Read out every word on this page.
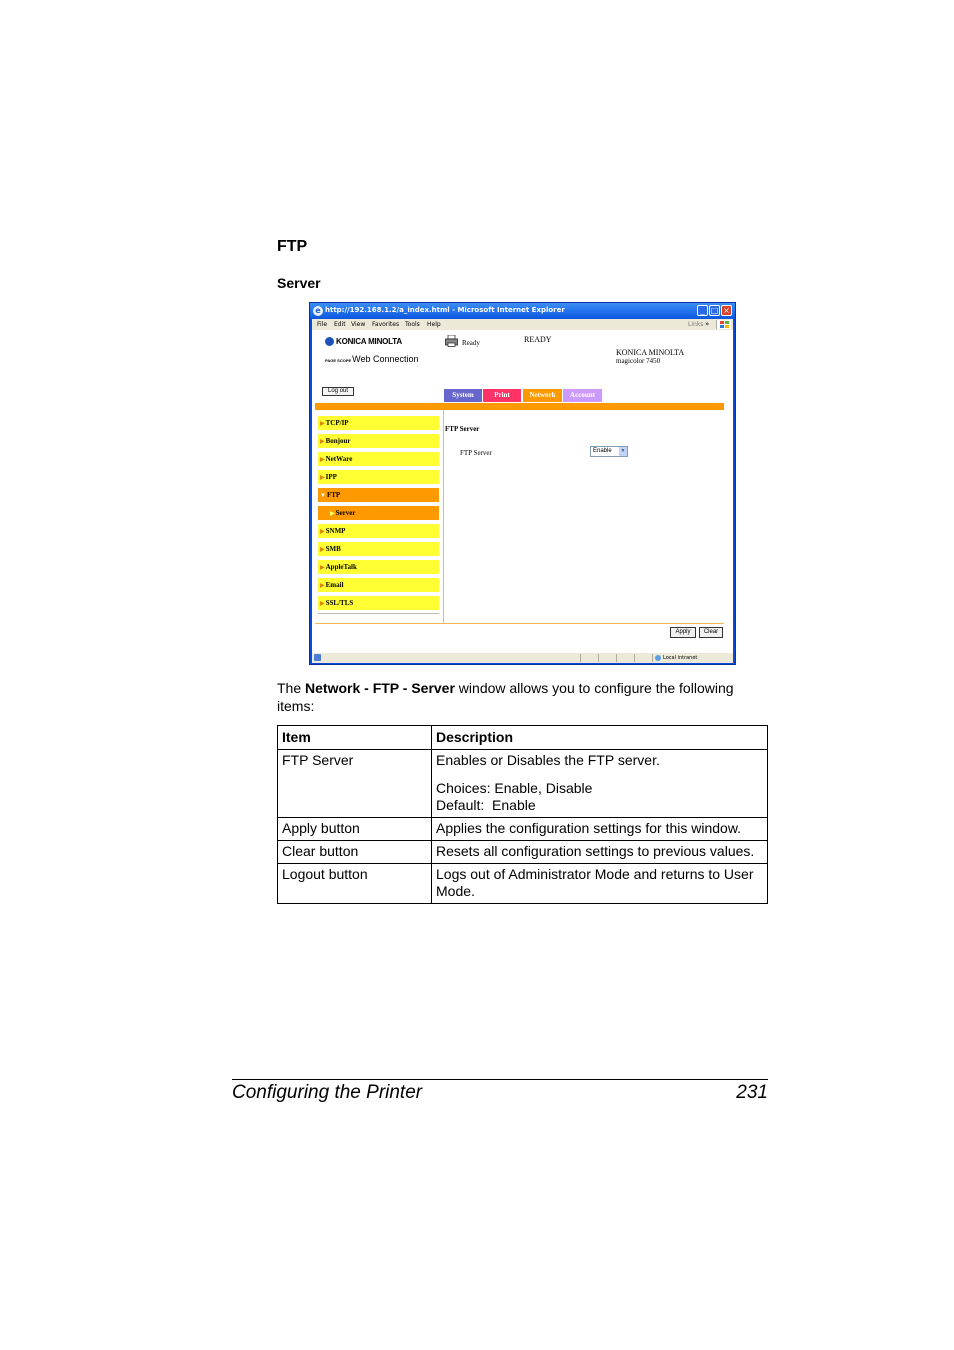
FTP
Server
e http://192.168.1.2/a_index.html - Microsoft Internet Explorer	_ □ ×
File Edit View Favorites Tools Help	Links »
KONICA MINOLTA
PAGE SCOPEWeb Connection
Ready	READY
KONICA MINOLTA
magicolor 7450
Log out	System	Print	Network	Account
▶TCP/IP
▶Bonjour
▶NetWare
▶IPP
▼FTP
▶Server
▶SNMP
▶SMB
▶AppleTalk
▶Email
▶SSL/TLS
FTP Server
FTP Server	Enable	▼
Apply	Clear
Local intranet
The Network - FTP - Server window allows you to configure the following items:
Item	Description
FTP Server	Enables or Disables the FTP server.

Choices: Enable, Disable

Default:  Enable

Apply button	Applies the configuration settings for this window.
Clear button	Resets all configuration settings to previous values.
Logout button	Logs out of Administrator Mode and returns to User Mode.
Configuring the Printer	231
